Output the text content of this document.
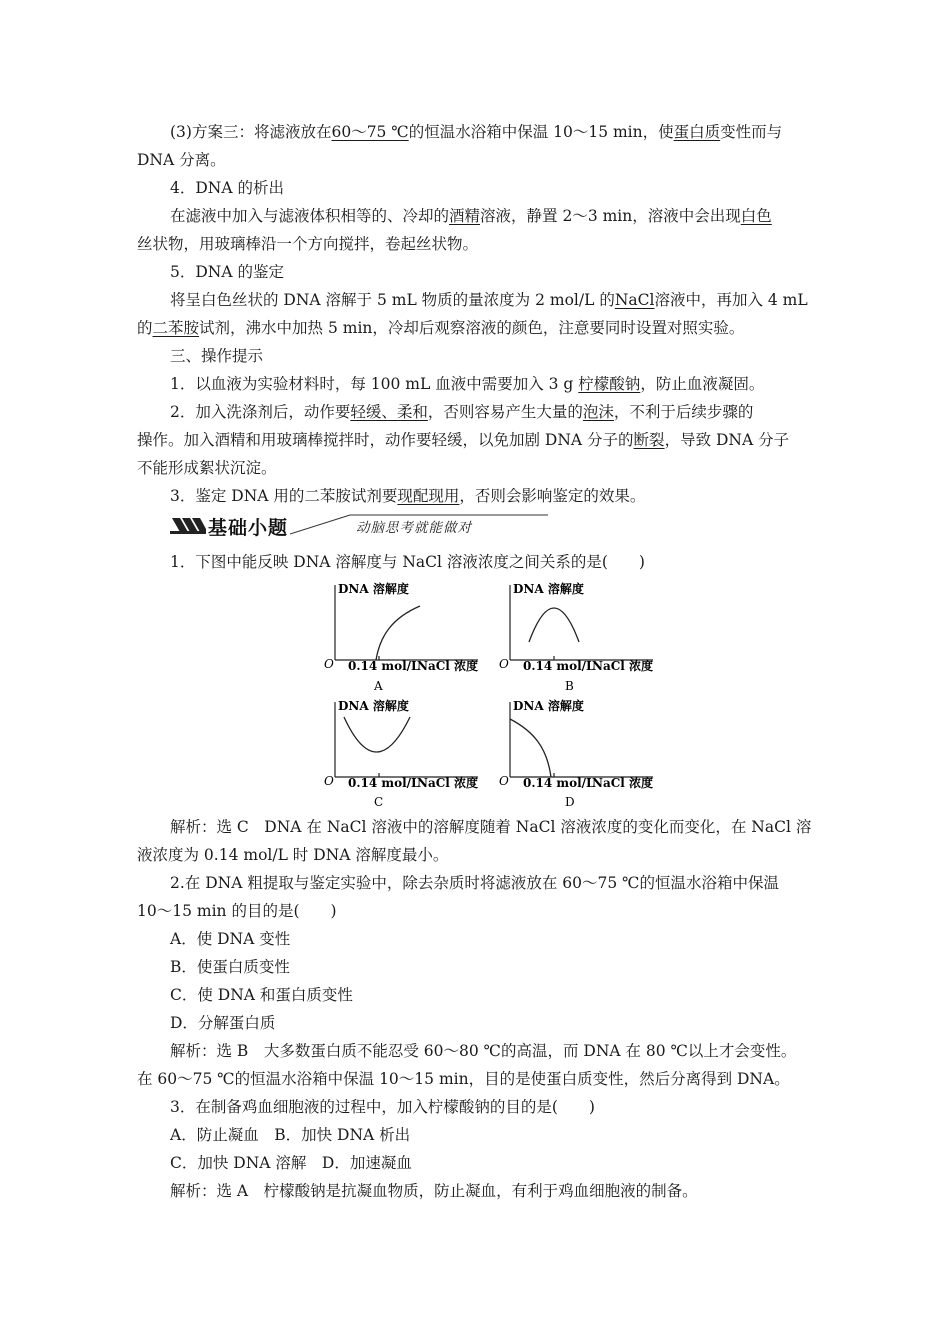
(3)方案三：将滤液放在60～75 ℃的恒温水浴箱中保温 10～15 min，使蛋白质变性而与
DNA 分离。
4．DNA 的析出
在滤液中加入与滤液体积相等的、冷却的酒精溶液，静置 2～3 min，溶液中会出现白色
丝状物，用玻璃棒沿一个方向搅拌，卷起丝状物。
5．DNA 的鉴定
将呈白色丝状的 DNA 溶解于 5 mL 物质的量浓度为 2 mol/L 的NaCl溶液中，再加入 4 mL
的二苯胺试剂，沸水中加热 5 min，冷却后观察溶液的颜色，注意要同时设置对照实验。
三、操作提示
1．以血液为实验材料时，每 100 mL 血液中需要加入 3 g 柠檬酸钠，防止血液凝固。
2．加入洗涤剂后，动作要轻缓、柔和，否则容易产生大量的泡沫，不利于后续步骤的
操作。加入酒精和用玻璃棒搅拌时，动作要轻缓，以免加剧 DNA 分子的断裂，导致 DNA 分子
不能形成絮状沉淀。
3．鉴定 DNA 用的二苯胺试剂要现配现用，否则会影响鉴定的效果。
基础小题	动脑思考就能做对
1．下图中能反映 DNA 溶解度与 NaCl 溶液浓度之间关系的是(　　)
DNA 溶解度
O 0.14 mol/L
NaCl 浓度
A
DNA 溶解度
O 0.14 mol/L
NaCl 浓度
B
DNA 溶解度
O 0.14 mol/L
NaCl 浓度
C
DNA 溶解度
O 0.14 mol/L
NaCl 浓度
D
解析：选 C　DNA 在 NaCl 溶液中的溶解度随着 NaCl 溶液浓度的变化而变化，在 NaCl 溶
液浓度为 0.14 mol/L 时 DNA 溶解度最小。
2.在 DNA 粗提取与鉴定实验中，除去杂质时将滤液放在 60～75 ℃的恒温水浴箱中保温
10～15 min 的目的是(　　)
A．使 DNA 变性
B．使蛋白质变性
C．使 DNA 和蛋白质变性
D．分解蛋白质
解析：选 B　大多数蛋白质不能忍受 60～80 ℃的高温，而 DNA 在 80 ℃以上才会变性。
在 60～75 ℃的恒温水浴箱中保温 10～15 min，目的是使蛋白质变性，然后分离得到 DNA。
3．在制备鸡血细胞液的过程中，加入柠檬酸钠的目的是(　　)
A．防止凝血　B．加快 DNA 析出
C．加快 DNA 溶解　D．加速凝血
解析：选 A　柠檬酸钠是抗凝血物质，防止凝血，有利于鸡血细胞液的制备。
